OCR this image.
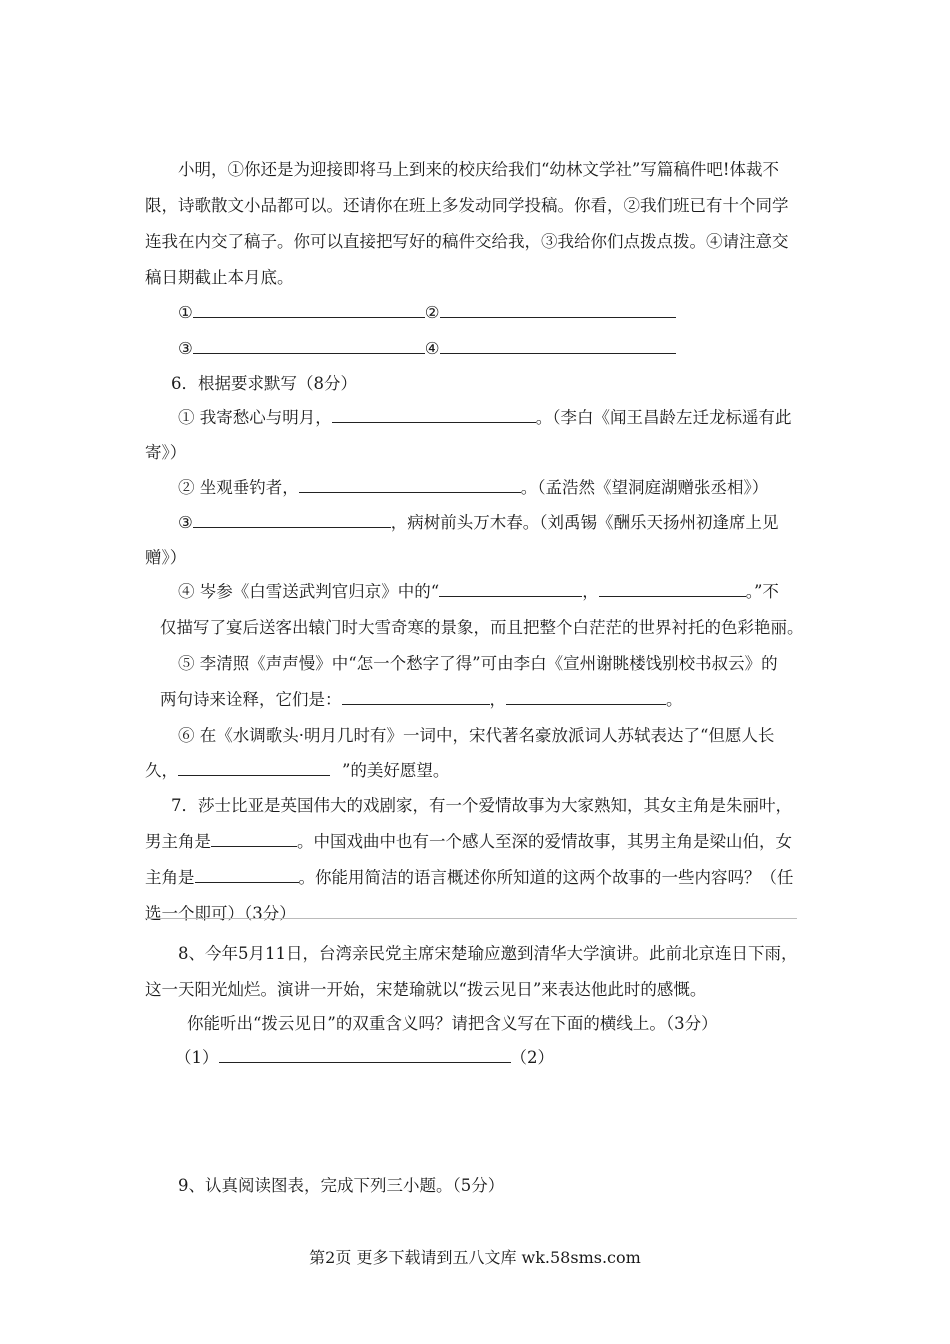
小明，①你还是为迎接即将马上到来的校庆给我们“幼林文学社”写篇稿件吧!体裁不
限，诗歌散文小品都可以。还请你在班上多发动同学投稿。你看，②我们班已有十个同学
连我在内交了稿子。你可以直接把写好的稿件交给我，③我给你们点拨点拨。④请注意交
稿日期截止本月底。
①	②
③	④
6．根据要求默写（8分）
① 我寄愁心与明月，	。（李白《闻王昌龄左迁龙标遥有此
寄》）
② 坐观垂钓者，	。（孟浩然《望洞庭湖赠张丞相》）
③	，病树前头万木春。（刘禹锡《酬乐天扬州初逢席上见
赠》）
④ 岑参《白雪送武判官归京》中的“	，	。”不
仅描写了宴后送客出辕门时大雪奇寒的景象，而且把整个白茫茫的世界衬托的色彩艳丽。
⑤ 李清照《声声慢》中“怎一个愁字了得”可由李白《宣州谢眺楼饯别校书叔云》的
两句诗来诠释，它们是：	，	。
⑥ 在《水调歌头·明月几时有》一词中，宋代著名豪放派词人苏轼表达了“但愿人长
久，	”的美好愿望。
7．莎士比亚是英国伟大的戏剧家，有一个爱情故事为大家熟知，其女主角是朱丽叶，
男主角是	。中国戏曲中也有一个感人至深的爱情故事，其男主角是梁山伯，女
主角是	。你能用简洁的语言概述你所知道的这两个故事的一些内容吗？（任
选一个即可）（3分）
8、今年5月11日，台湾亲民党主席宋楚瑜应邀到清华大学演讲。此前北京连日下雨，
这一天阳光灿烂。演讲一开始，宋楚瑜就以“拨云见日”来表达他此时的感慨。
你能听出“拨云见日”的双重含义吗？请把含义写在下面的横线上。（3分）
（1）	（2）
9、认真阅读图表，完成下列三小题。（5分）
第2页 更多下载请到五八文库 wk.58sms.com
